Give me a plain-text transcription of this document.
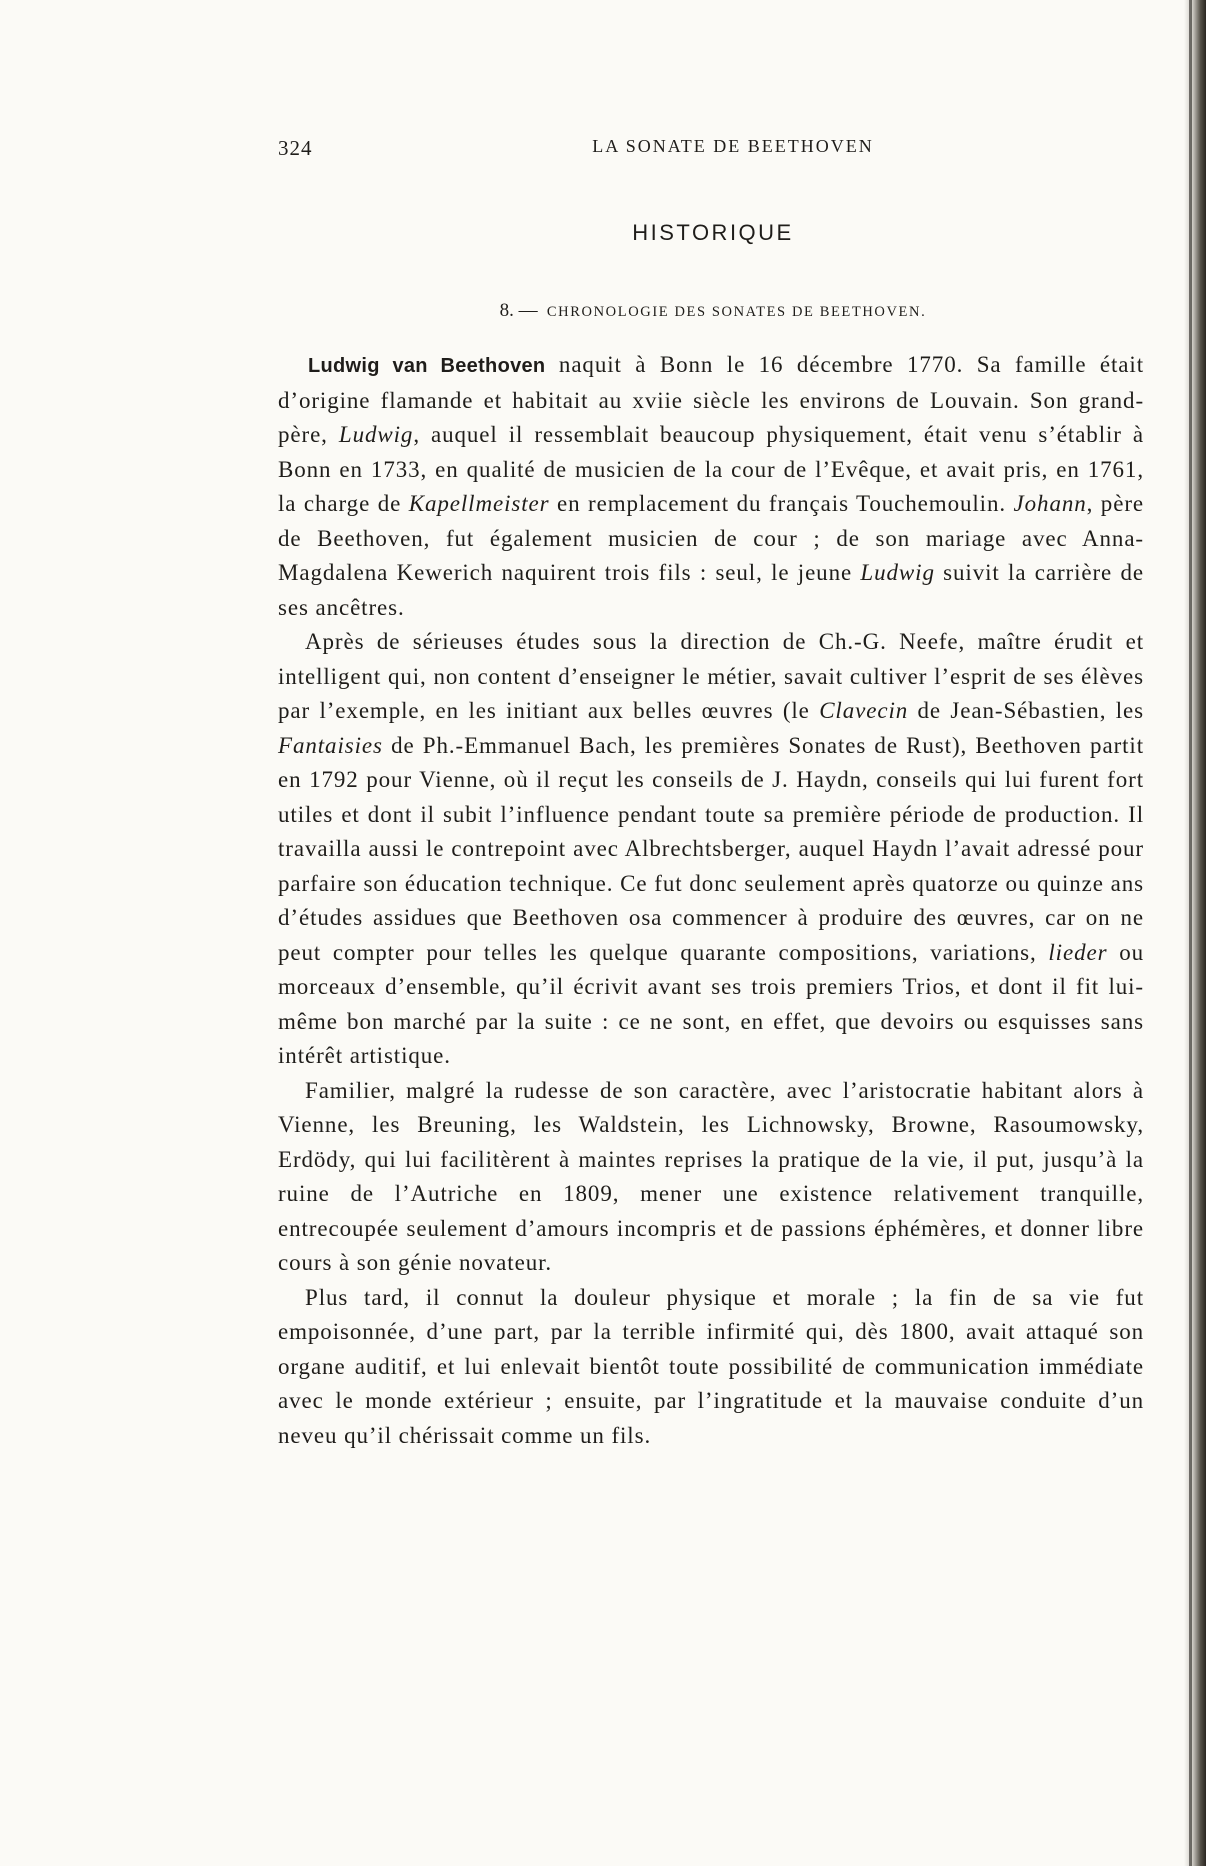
324	LA SONATE DE BEETHOVEN
HISTORIQUE
8. — CHRONOLOGIE DES SONATES DE BEETHOVEN.

Ludwig van Beethoven naquit à Bonn le 16 décembre 1770. Sa famille était d’origine flamande et habitait au xviie siècle les environs de Louvain. Son grand-père, Ludwig, auquel il ressemblait beaucoup physiquement, était venu s’établir à Bonn en 1733, en qualité de musicien de la cour de l’Evêque, et avait pris, en 1761, la charge de Kapellmeister en remplacement du français Touchemoulin. Johann, père de Beethoven, fut également musicien de cour ; de son mariage avec Anna-Magdalena Kewerich naquirent trois fils : seul, le jeune Ludwig suivit la carrière de ses ancêtres.

Après de sérieuses études sous la direction de Ch.-G. Neefe, maître érudit et intelligent qui, non content d’enseigner le métier, savait cultiver l’esprit de ses élèves par l’exemple, en les initiant aux belles œuvres (le Clavecin de Jean-Sébastien, les Fantaisies de Ph.-Emmanuel Bach, les premières Sonates de Rust), Beethoven partit en 1792 pour Vienne, où il reçut les conseils de J. Haydn, conseils qui lui furent fort utiles et dont il subit l’influence pendant toute sa première période de production. Il travailla aussi le contrepoint avec Albrechtsberger, auquel Haydn l’avait adressé pour parfaire son éducation technique. Ce fut donc seulement après quatorze ou quinze ans d’études assidues que Beethoven osa commencer à produire des œuvres, car on ne peut compter pour telles les quelque quarante compositions, variations, lieder ou morceaux d’ensemble, qu’il écrivit avant ses trois premiers Trios, et dont il fit lui-même bon marché par la suite : ce ne sont, en effet, que devoirs ou esquisses sans intérêt artistique.

Familier, malgré la rudesse de son caractère, avec l’aristocratie habitant alors à Vienne, les Breuning, les Waldstein, les Lichnowsky, Browne, Rasoumowsky, Erdödy, qui lui facilitèrent à maintes reprises la pratique de la vie, il put, jusqu’à la ruine de l’Autriche en 1809, mener une existence relativement tranquille, entrecoupée seulement d’amours incompris et de passions éphémères, et donner libre cours à son génie novateur.

Plus tard, il connut la douleur physique et morale ; la fin de sa vie fut empoisonnée, d’une part, par la terrible infirmité qui, dès 1800, avait attaqué son organe auditif, et lui enlevait bientôt toute possibilité de communication immédiate avec le monde extérieur ; ensuite, par l’ingratitude et la mauvaise conduite d’un neveu qu’il chérissait comme un fils.
